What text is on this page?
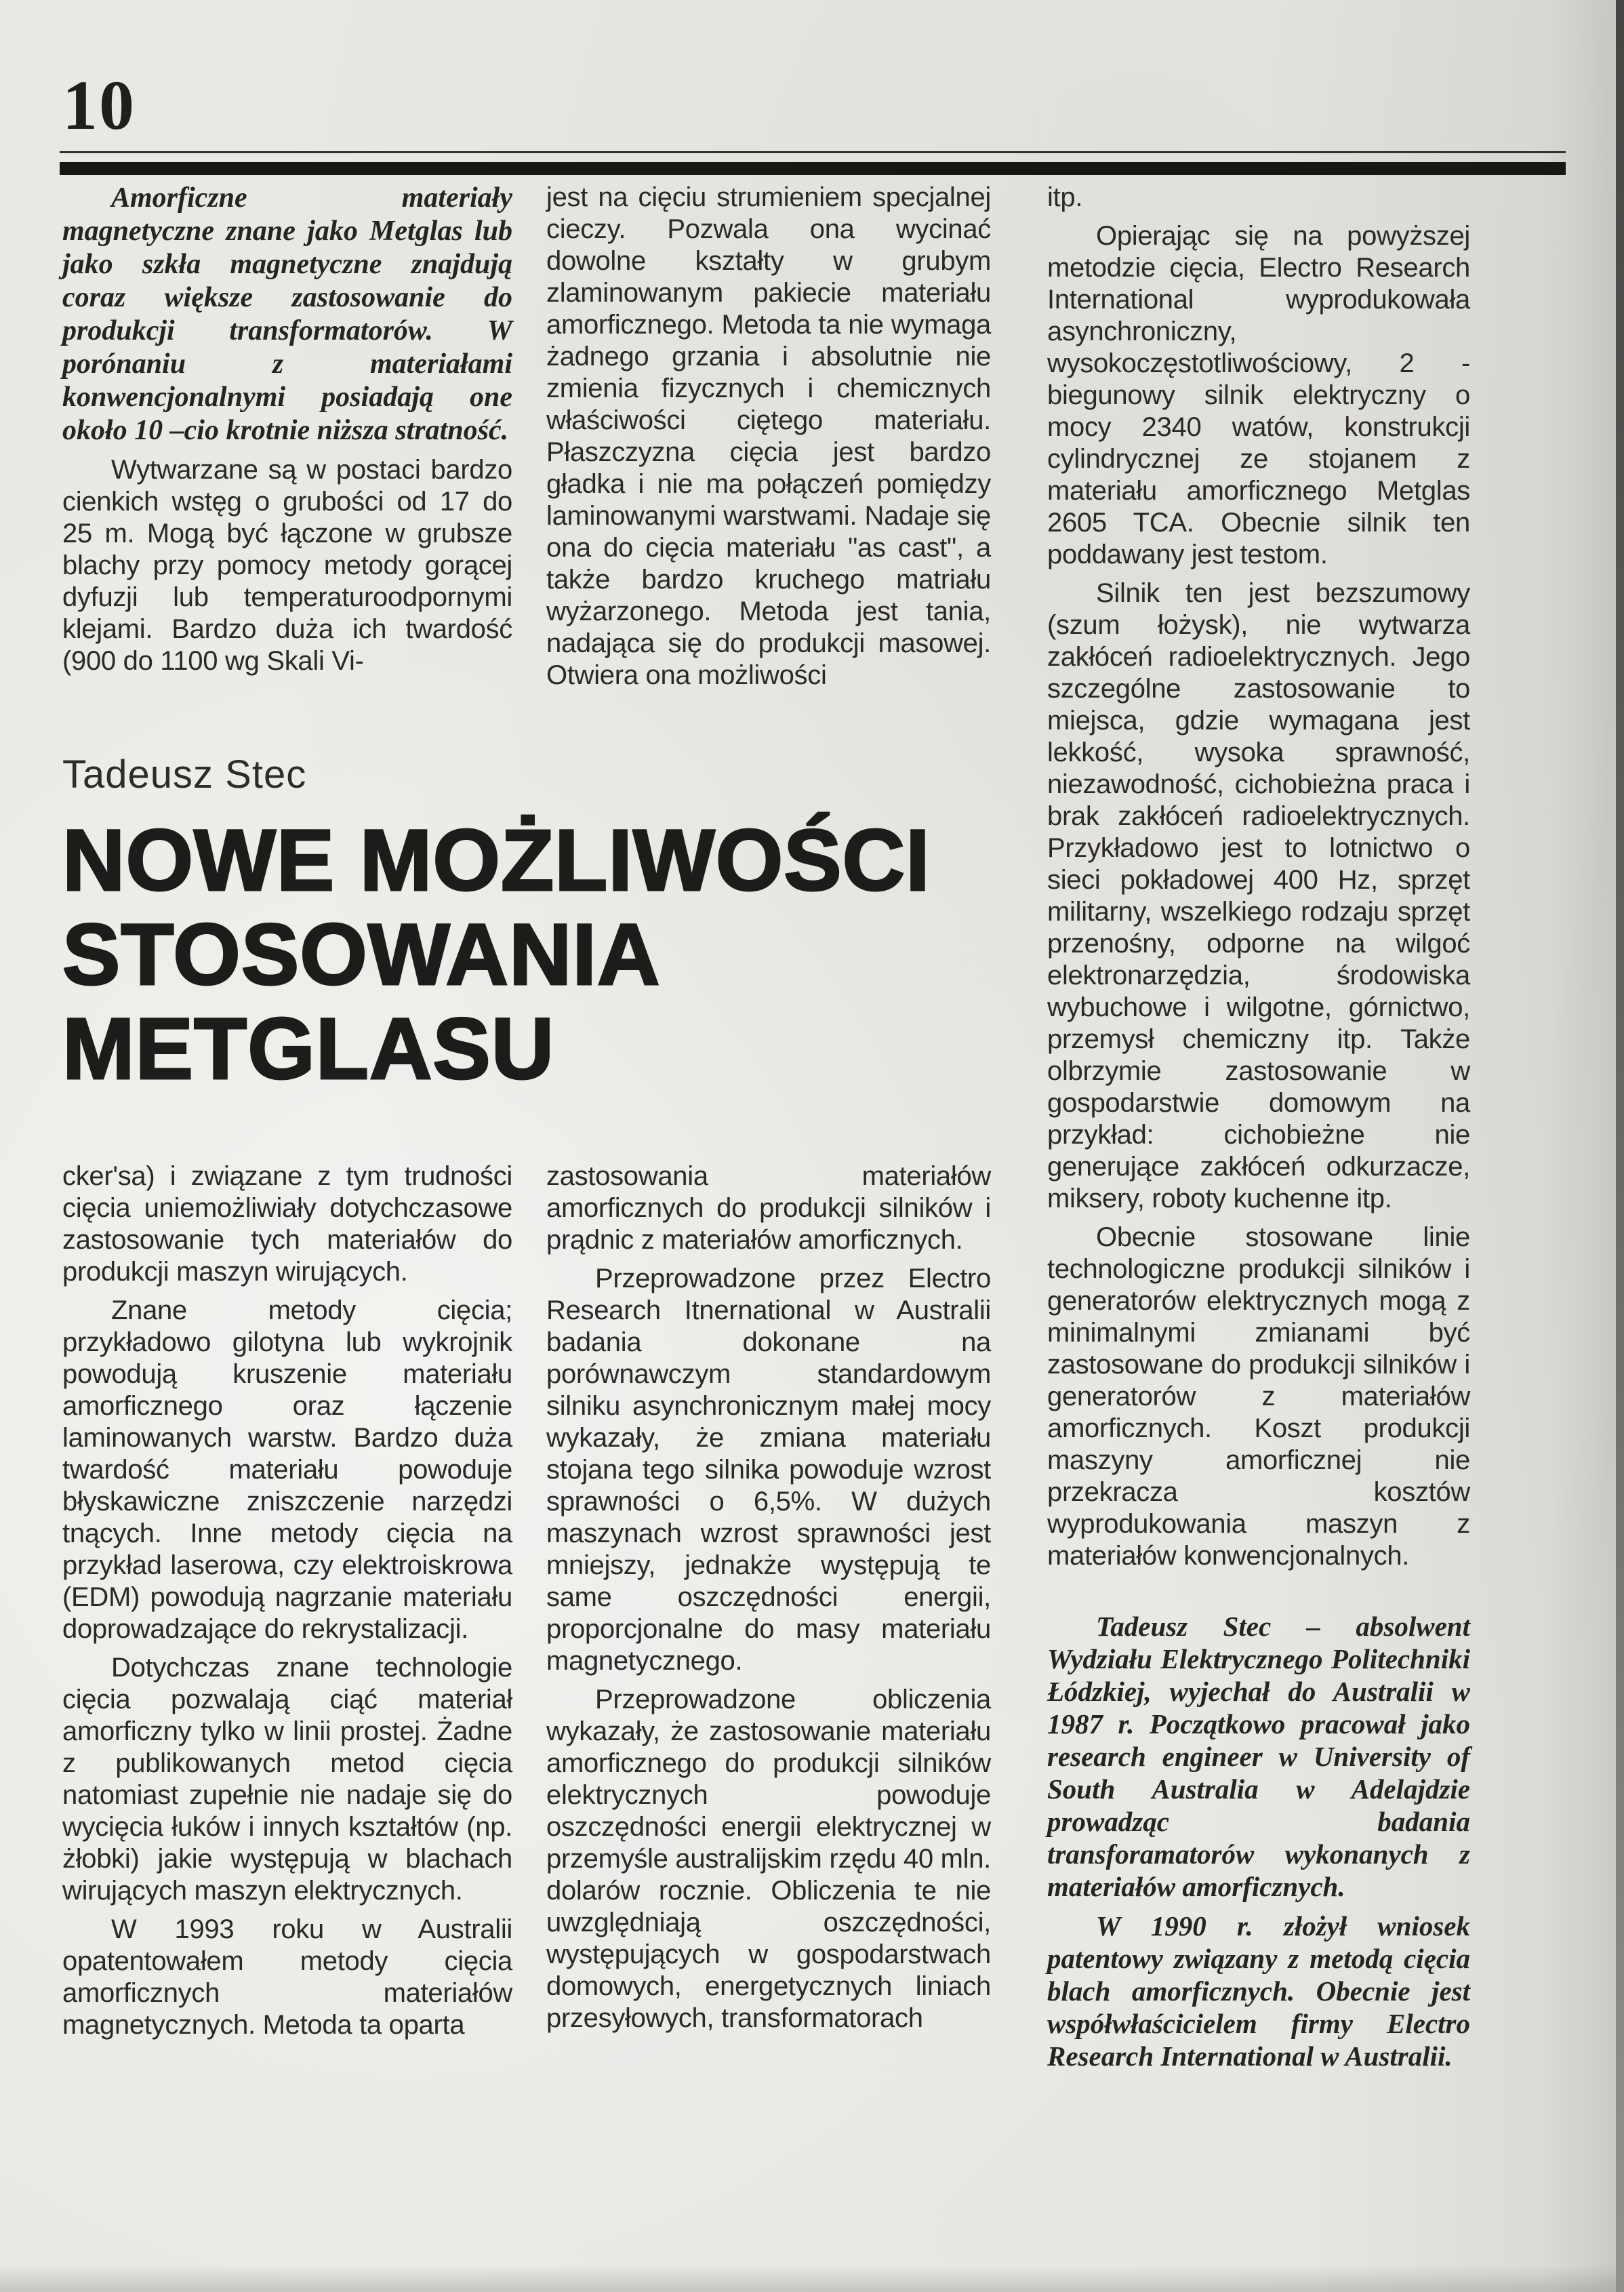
10

Amorficzne materiały magnetyczne znane jako Metglas lub jako szkła magnetyczne znajdują coraz większe zastosowanie do produkcji transformatorów. W porónaniu z materiałami konwencjonalnymi posiadają one około 10 –cio krotnie niższa stratność.

Wytwarzane są w postaci bardzo cienkich wstęg o grubości od 17 do 25 m. Mogą być łączone w grubsze blachy przy pomocy metody gorącej dyfuzji lub temperaturoodpornymi klejami. Bardzo duża ich twardość (900 do 1100 wg Skali Vi-

Tadeusz Stec

NOWE MOŻLIWOŚCI
STOSOWANIA
METGLASU

cker'sa) i związane z tym trudności cięcia uniemożliwiały dotychczasowe zastosowanie tych materiałów do produkcji maszyn wirujących.

Znane metody cięcia; przykładowo gilotyna lub wykrojnik powodują kruszenie materiału amorficznego oraz łączenie laminowanych warstw. Bardzo duża twardość materiału powoduje błyskawiczne zniszczenie narzędzi tnących. Inne metody cięcia na przykład laserowa, czy elektroiskrowa (EDM) powodują nagrzanie materiału doprowadzające do rekrystalizacji.

Dotychczas znane technologie cięcia pozwalają ciąć materiał amorficzny tylko w linii prostej. Żadne z publikowanych metod cięcia natomiast zupełnie nie nadaje się do wycięcia łuków i innych kształtów (np. żłobki) jakie występują w blachach wirujących maszyn elektrycznych.

W 1993 roku w Australii opatentowałem metody cięcia amorficznych materiałów magnetycznych. Metoda ta oparta

jest na cięciu strumieniem specjalnej cieczy. Pozwala ona wycinać dowolne kształty w grubym zlaminowanym pakiecie materiału amorficznego. Metoda ta nie wymaga żadnego grzania i absolutnie nie zmienia fizycznych i chemicznych właściwości ciętego materiału. Płaszczyzna cięcia jest bardzo gładka i nie ma połączeń pomiędzy laminowanymi warstwami. Nadaje się ona do cięcia materiału "as cast", a także bardzo kruchego matriału wyżarzonego. Metoda jest tania, nadająca się do produkcji masowej. Otwiera ona możliwości

zastosowania materiałów amorficznych do produkcji silników i prądnic z materiałów amorficznych.

Przeprowadzone przez Electro Research Itnernational w Australii badania dokonane na porównawczym standardowym silniku asynchronicznym małej mocy wykazały, że zmiana materiału stojana tego silnika powoduje wzrost sprawności o 6,5%. W dużych maszynach wzrost sprawności jest mniejszy, jednakże występują te same oszczędności energii, proporcjonalne do masy materiału magnetycznego.

Przeprowadzone obliczenia wykazały, że zastosowanie materiału amorficznego do produkcji silników elektrycznych powoduje oszczędności energii elektrycznej w przemyśle australijskim rzędu 40 mln. dolarów rocznie. Obliczenia te nie uwzględniają oszczędności, występujących w gospodarstwach domowych, energetycznych liniach przesyłowych, transformatorach

itp.

Opierając się na powyższej metodzie cięcia, Electro Research International wyprodukowała asynchroniczny, wysokoczęstotliwościowy, 2 - biegunowy silnik elektryczny o mocy 2340 watów, konstrukcji cylindrycznej ze stojanem z materiału amorficznego Metglas 2605 TCA. Obecnie silnik ten poddawany jest testom.

Silnik ten jest bezszumowy (szum łożysk), nie wytwarza zakłóceń radioelektrycznych. Jego szczególne zastosowanie to miejsca, gdzie wymagana jest lekkość, wysoka sprawność, niezawodność, cichobieżna praca i brak zakłóceń radioelektrycznych. Przykładowo jest to lotnictwo o sieci pokładowej 400 Hz, sprzęt militarny, wszelkiego rodzaju sprzęt przenośny, odporne na wilgoć elektronarzędzia, środowiska wybuchowe i wilgotne, górnictwo, przemysł chemiczny itp. Także olbrzymie zastosowanie w gospodarstwie domowym na przykład: cichobieżne nie generujące zakłóceń odkurzacze, miksery, roboty kuchenne itp.

Obecnie stosowane linie technologiczne produkcji silników i generatorów elektrycznych mogą z minimalnymi zmianami być zastosowane do produkcji silników i generatorów z materiałów amorficznych. Koszt produkcji maszyny amorficznej nie przekracza kosztów wyprodukowania maszyn z materiałów konwencjonalnych.

Tadeusz Stec – absolwent Wydziału Elektrycznego Politechniki Łódzkiej, wyjechał do Australii w 1987 r. Początkowo pracował jako research engineer w University of South Australia w Adelajdzie prowadząc badania transforamatorów wykonanych z materiałów amorficznych.

W 1990 r. złożył wniosek patentowy związany z metodą cięcia blach amorficznych. Obecnie jest współwłaścicielem firmy Electro Research International w Australii.
